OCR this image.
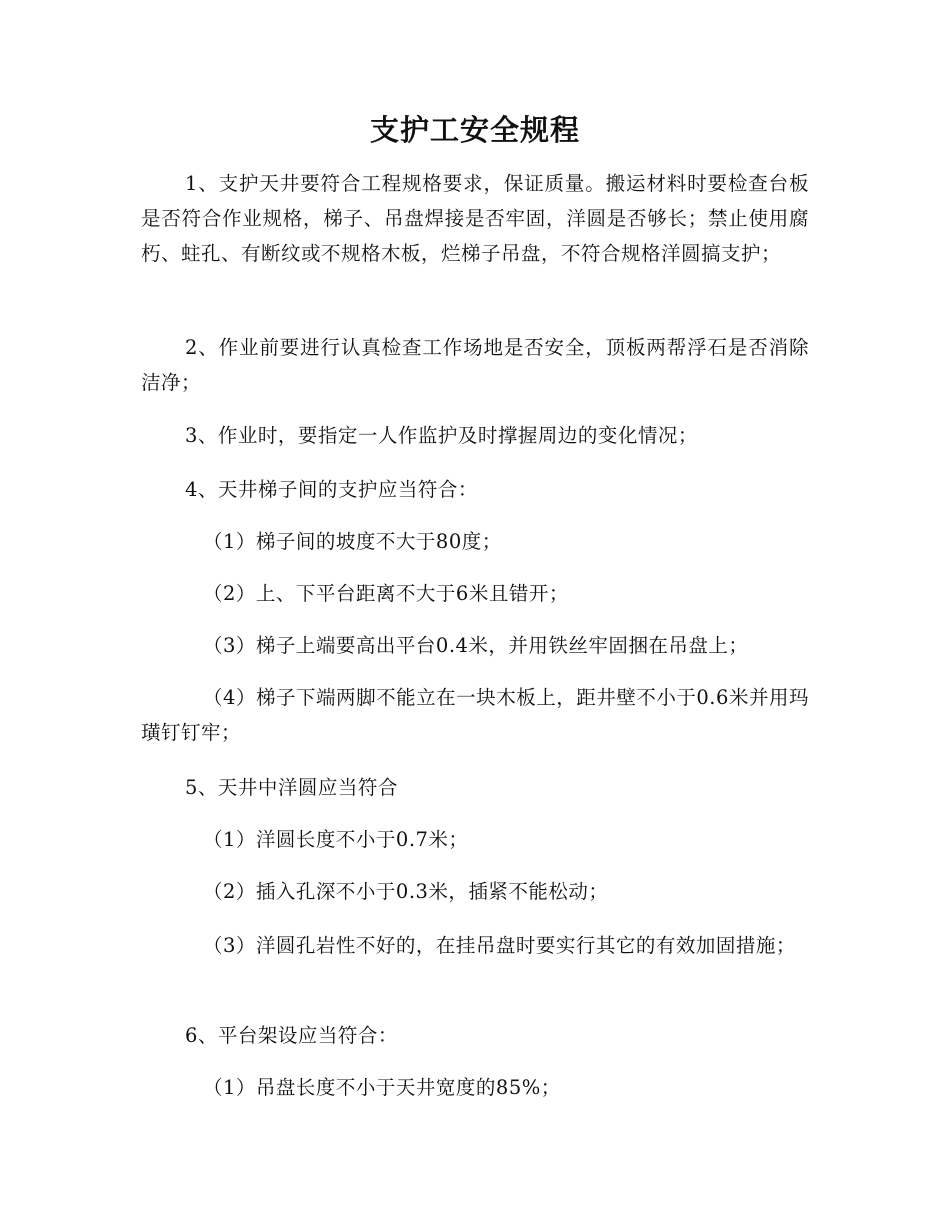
支护工安全规程

1、支护天井要符合工程规格要求，保证质量。搬运材料时要检查台板是否符合作业规格，梯子、吊盘焊接是否牢固，洋圆是否够长；禁止使用腐朽、蛀孔、有断纹或不规格木板，烂梯子吊盘，不符合规格洋圆搞支护；

2、作业前要进行认真检查工作场地是否安全，顶板两帮浮石是否消除洁净；

3、作业时，要指定一人作监护及时撑握周边的变化情况；

4、天井梯子间的支护应当符合：

（1）梯子间的坡度不大于80度；

（2）上、下平台距离不大于6米且错开；

（3）梯子上端要高出平台0.4米，并用铁丝牢固捆在吊盘上；

（4）梯子下端两脚不能立在一块木板上，距井壁不小于0.6米并用玛璜钉钉牢；

5、天井中洋圆应当符合

（1）洋圆长度不小于0.7米；

（2）插入孔深不小于0.3米，插紧不能松动；

（3）洋圆孔岩性不好的，在挂吊盘时要实行其它的有效加固措施；

6、平台架设应当符合：

（1）吊盘长度不小于天井宽度的85%；
